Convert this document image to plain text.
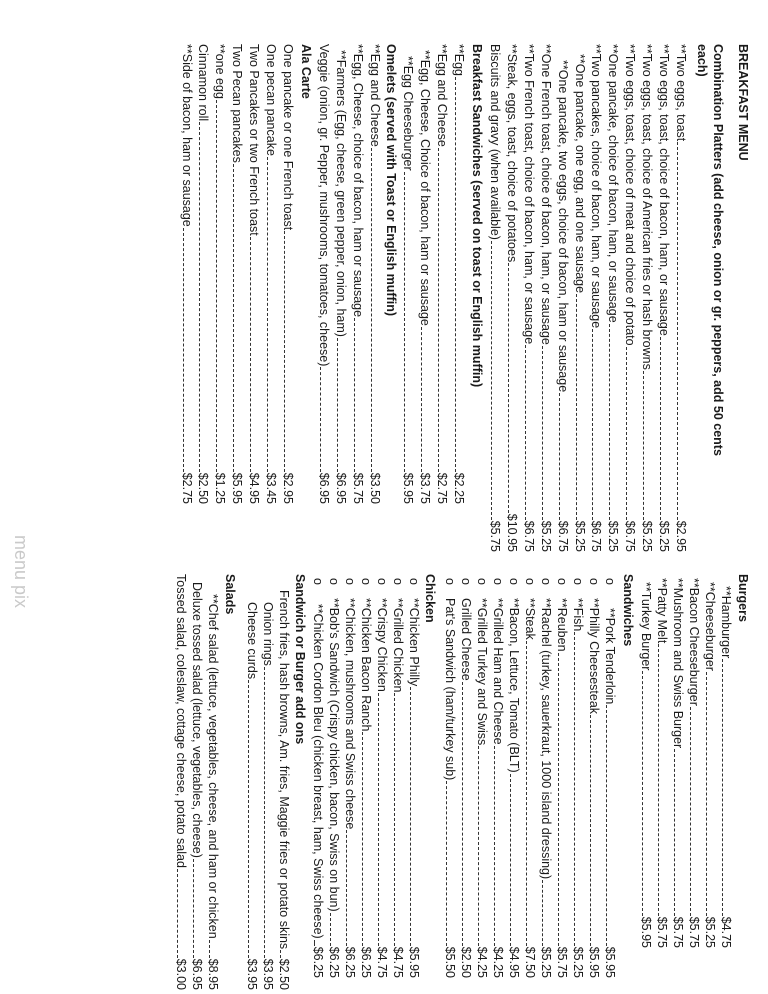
BREAKFAST MENU
Combination Platters (add cheese, onion or gr. peppers, add 50 cents
each)
**Two eggs, toast
$2.95
**Two eggs, toast, choice of bacon, ham, or sausage
$5.25
**Two eggs, toast, choice of American fries or hash browns
$5.25
**Two eggs, toast, choice of meat and choice of potato
$6.75
**One pancake, choice of bacon, ham, or sausage
$5.25
**Two pancakes, choice of bacon, ham, or sausage
$6.75
**One pancake, one egg, and one sausage
$5.25
**One pancake, two eggs, choice of bacon, ham or sausage
$6.75
**One French toast, choice of bacon, ham, or sausage
$5.25
**Two French toast, choice of bacon, ham, or sausage
$6.75
**Steak, eggs, toast, choice of potatoes
$10.95
Biscuits and gravy (when available)
$5.75
Breakfast Sandwiches (served on toast or English muffin)
**Egg
$2.25
**Egg and Cheese
$2.75
**Egg, Cheese, Choice of bacon, ham or sausage
$3.75
**Egg Cheeseburger
$5.95
Omelets (served with Toast or English muffin)
**Egg and Cheese
$3.50
**Egg, Cheese, choice of bacon, ham or sausage
$5.75
**Farmers (Egg, cheese, green pepper, onion, ham)
$6.95
Veggie (onion, gr. Pepper, mushrooms, tomatoes, cheese)
$6.95
Ala Carte
One pancake or one French toast
$2.95
One pecan pancake
$3.45
Two Pancakes or two French toast
$4.95
Two Pecan pancakes
$5.95
**one egg
$1.25
Cinnamon roll
$2.50
**Side of bacon, ham or sausage
$2.75
Burgers
**Hamburger
$4.75
**Cheeseburger
$5.25
**Bacon Cheeseburger
$5.75
**Mushroom and Swiss Burger
$5.75
**Patty Melt
$5.75
**Turkey Burger
$5.95
Sandwiches
o
**Pork Tenderloin
$5.95
o
**Philly Cheesesteak
$5.95
o
**Fish
$5.25
o
**Reuben
$5.75
o
**Rachel (turkey, sauerkraut, 1000 island dressing)
$5.25
o
**Steak
$7.50
o
**Bacon, Lettuce, Tomato (BLT)
$4.95
o
**Grilled Ham and Cheese
$4.25
o
**Grilled Turkey and Swiss
$4.25
o
Grilled Cheese
$2.50
o
Pat's Sandwich (ham/turkey sub)
$5.50
Chicken
o
**Chicken Philly
$5.95
o
**Grilled Chicken
$4.75
o
**Crispy Chicken
$4.75
o
**Chicken Bacon Ranch
$6.25
o
**Chicken, mushrooms and Swiss cheese
$6.25
o
**Bob's Sandwich (Crispy chicken, bacon, Swiss on bun)
$6.25
o
**Chicken Cordon Bleu (chicken breast, ham, Swiss cheese)
$6.25
Sandwich or Burger add ons
French fries, hash browns, Am. fries, Maggie fries or potato skins
$2.50
Onion rings
$3.95
Cheese curds
$3.95
Salads
**Chef salad (lettuce, vegetables, cheese, and ham or chicken
$8.95
Deluxe tossed salad (lettuce, vegetables, cheese)
$6.95
Tossed salad, coleslaw, cottage cheese, potato salad
$3.00
menu pix
